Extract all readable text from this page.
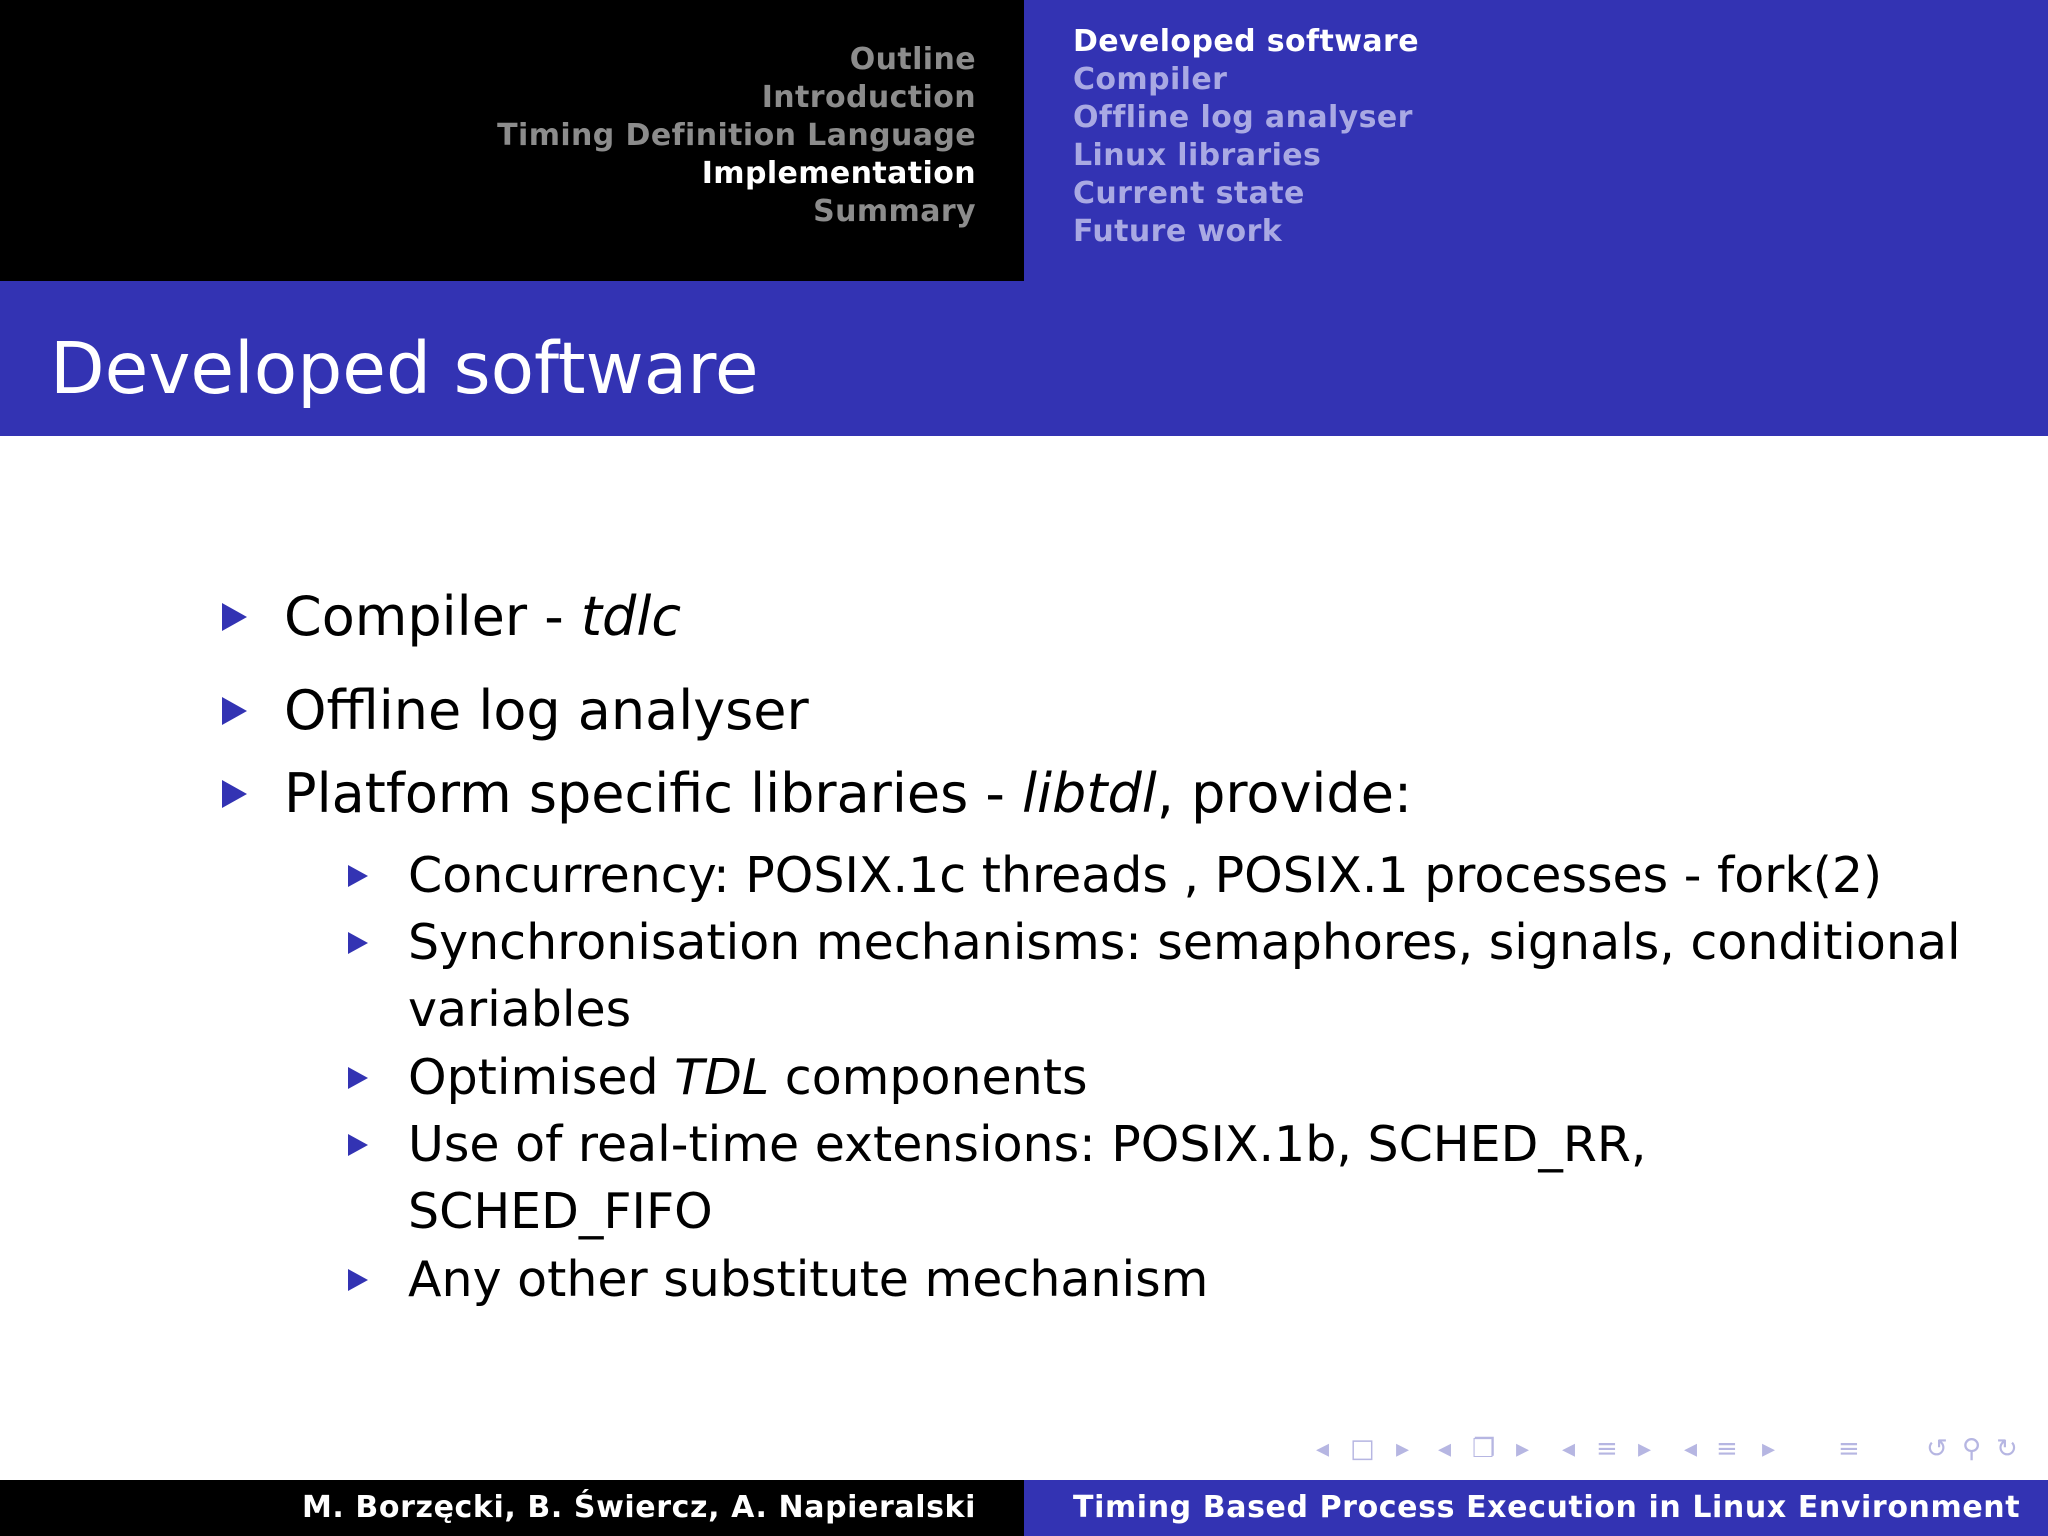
Outline
Introduction
Timing Definition Language
Implementation
Summary
Developed software
Compiler
Offline log analyser
Linux libraries
Current state
Future work
Developed software
Compiler - tdlc
Offline log analyser
Platform specific libraries - libtdl, provide:
Concurrency: POSIX.1c threads , POSIX.1 processes - fork(2)
Synchronisation mechanisms: semaphores, signals, conditional
variables
Optimised TDL components
Use of real-time extensions: POSIX.1b, SCHED_RR,
SCHED_FIFO
Any other substitute mechanism
◂ □ ▸ ◂ ❐ ▸ ◂ ≡ ▸ ◂ ≡ ▸ ≡	↺ ⚲ ↻
M. Borzęcki, B. Świercz, A. Napieralski	Timing Based Process Execution in Linux Environment
